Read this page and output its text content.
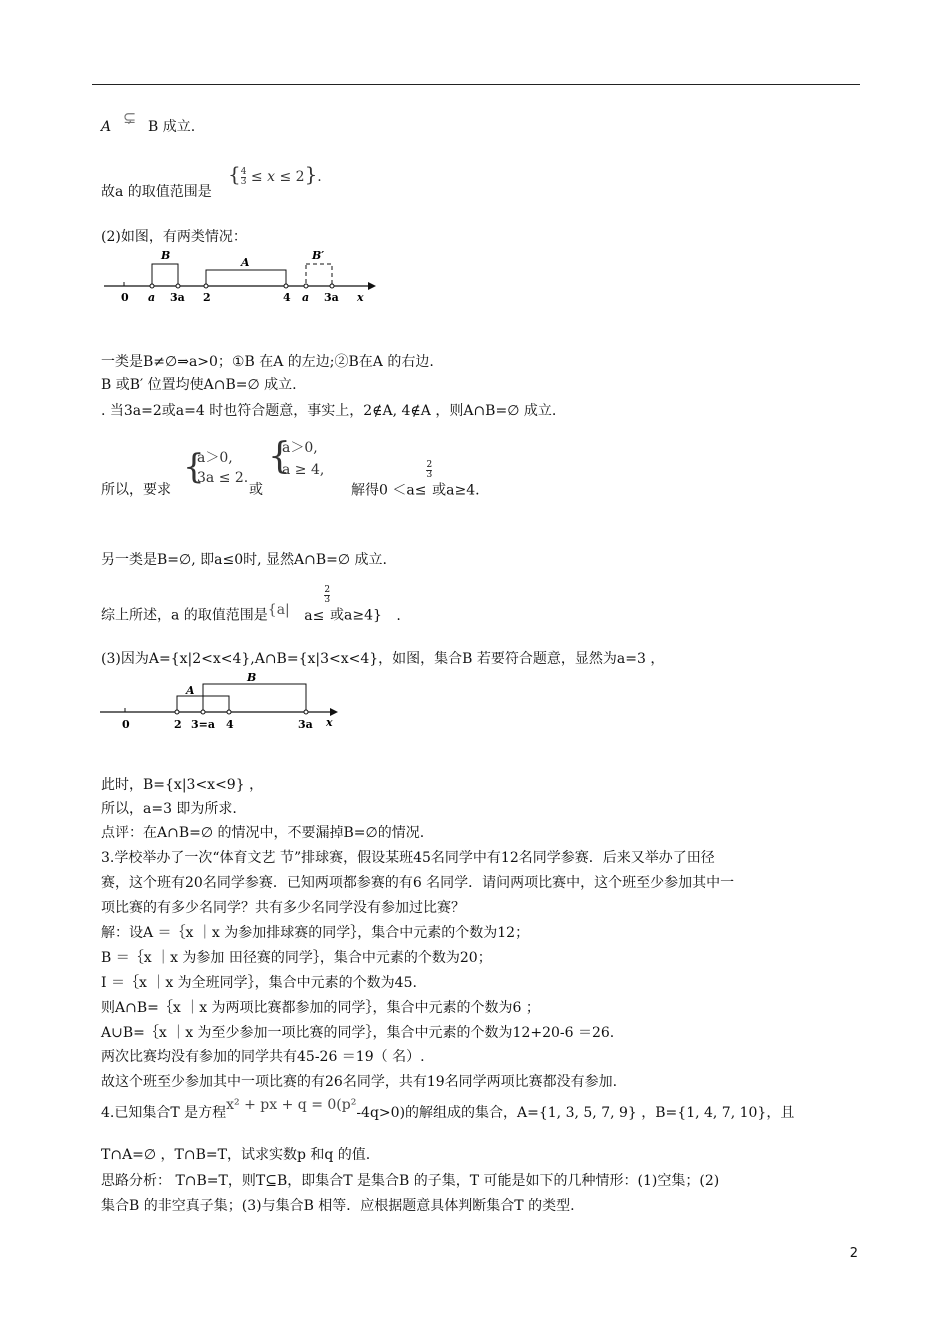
A ⊊ B 成立.
故a 的取值范围是
{ $\frac{4}{3} \le x \le 2$}.
(2)如图，有两类情况：
B
A
B′
0 a 3a 2	4 a 3a x
一类是B≠∅⇒a>0；①B 在A 的左边;②B在A 的右边.
B 或B′ 位置均使A∩B=∅ 成立.
. 当3a=2或a=4 时也符合题意，事实上，2∉A, 4∉A ，则A∩B=∅ 成立.
所以，要求
{
a＞0,
3a ≤ 2.
或
{
a＞0,
a ≥ 4,
解得0 ＜a≤
$\frac{2}{3}$
或a≥4.
另一类是B=∅, 即a≤0时, 显然A∩B=∅ 成立.
综上所述，a 的取值范围是{a| a≤
$\frac{2}{3}$
或a≥4} .
(3)因为A={x|2<x<4},A∩B={x|3<x<4}，如图，集合B 若要符合题意，显然为a=3 ，
A
B
0	2 3=a 4	3a x
此时，B={x|3<x<9} ，
所以，a=3 即为所求.
点评：在A∩B=∅ 的情况中，不要漏掉B=∅的情况.
3.学校举办了一次“体育文艺 节”排球赛，假设某班45名同学中有12名同学参赛．后来又举办了田径
赛，这个班有20名同学参赛．已知两项都参赛的有6 名同学．请问两项比赛中，这个班至少参加其中一
项比赛的有多少名同学？共有多少名同学没有参加过比赛？
解：设A ＝｛x ｜x 为参加排球赛的同学｝，集合中元素的个数为12；
B ＝｛x ｜x 为参加 田径赛的同学｝，集合中元素的个数为20；
I ＝｛x ｜x 为全班同学｝，集合中元素的个数为45.
则A∩B=｛x ｜x 为两项比赛都参加的同学｝，集合中元素的个数为6 ；
A∪B=｛x ｜x 为至少参加一项比赛的同学｝，集合中元素的个数为12+20-6 ＝26.
两次比赛均没有参加的同学共有45-26 ＝19（ 名）.
故这个班至少参加其中一项比赛的有26名同学，共有19名同学两项比赛都没有参加.
4.已知集合T 是方程x² + px + q = 0(p²-4q>0)的解组成的集合，A={1, 3, 5, 7, 9} ，B={1, 4, 7, 10}，且
T∩A=∅ ，T∩B=T，试求实数p 和q 的值.
思路分析： T∩B=T，则T⊆B，即集合T 是集合B 的子集，T 可能是如下的几种情形：(1)空集；(2)
集合B 的非空真子集；(3)与集合B 相等．应根据题意具体判断集合T 的类型.
2
